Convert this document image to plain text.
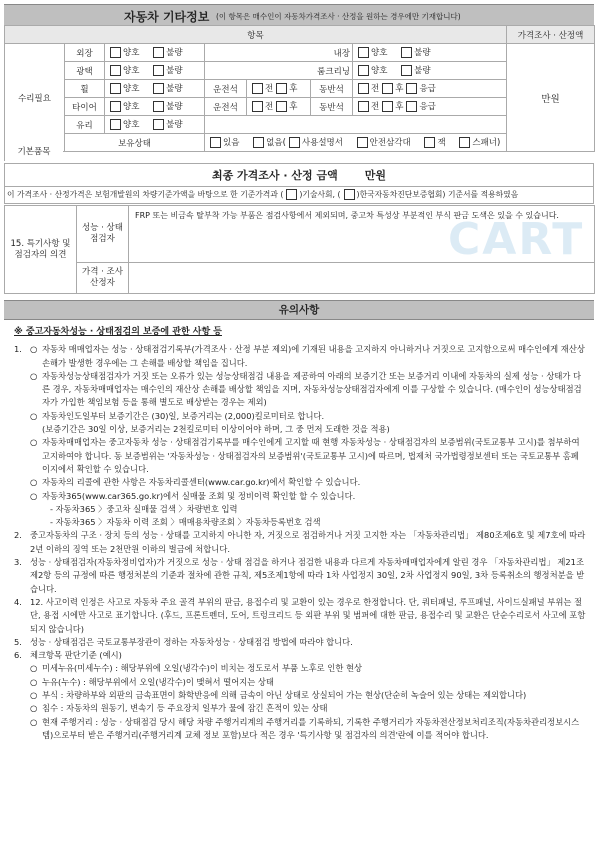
자동차 기타정보 (이 항목은 매수인이 자동차가격조사 · 산정을 원하는 경우에만 기재합니다)
항목							가격조사 · 산정액
수리필요	외장	양호 불량	내장			양호 불량	만원
	광택	양호 불량	룸크리닝			양호 불량	
	휠	양호 불량	운전석	전 후	동반석	전 후 응급	
	타이어	양호 불량	운전석	전 후	동반석	전 후 응급	
	유리	양호 불량					
	보유상태		있음 없음( 사용설명서 안전삼각대 잭 스패너)				

기본품목
최종 가격조사 · 산정 금액 만원
이 가격조사 · 산정가격은 보험개발원의 차량기준가액을 바탕으로 한 기준가격과 ( )기술사회, ( )한국자동차진단보증협회) 기준서를 적용하였음
15. 특기사항 및 점검자의 의견	성능 · 상태 점검자	FRP 또는 비금속 탈부착 가능 부품은 점검사항에서 제외되며, 중고차 특성상 부분적인 부식 판금 도색은 있을 수 있습니다.
	가격 · 조사 산정자	
CART
유의사항
※ 중고자동차성능 · 상태점검의 보증에 관한 사항 등
1. ○ 자동차 매매업자는 성능 · 상태점검기록부(가격조사 · 산정 부분 제외)에 기재된 내용을 고지하지 아니하거나 거짓으로 고지함으로써 매수인에게 재산상 손해가 발생한 경우에는 그 손해를 배상할 책임을 집니다.
○ 자동차성능상태점검자가 거짓 또는 오류가 있는 성능상태점검 내용을 제공하여 아래의 보증기간 또는 보증거리 이내에 자동차의 실제 성능 · 상태가 다른 경우, 자동차매매업자는 매수인의 재산상 손해를 배상할 책임을 지며, 자동차성능상태점검자에게 이를 구상할 수 있습니다. (매수인이 성능상태점검자가 가입한 책임보험 등을 통해 별도로 배상받는 경우는 제외)
○ 자동차인도일부터 보증기간은 (30)일, 보증거리는 (2,000)킬로미터로 합니다.
(보증기간은 30일 이상, 보증거리는 2천킬로미터 이상이어야 하며, 그 중 먼저 도래한 것을 적용)
○ 자동차매매업자는 중고자동차 성능 · 상태점검기록부를 매수인에게 고지할 때 현행 자동차성능 · 상태점검자의 보증범위(국토교통부 고시)를 첨부하여 고지하여야 합니다. 동 보증범위는 '자동차성능 · 상태점검자의 보증범위'(국토교통부 고시)에 따르며, 법제처 국가법령정보센터 또는 국토교통부 홈페이지에서 확인할 수 있습니다.
○ 자동차의 리콜에 관한 사항은 자동차리콜센터(www.car.go.kr)에서 확인할 수 있습니다.
○ 자동차365(www.car365.go.kr)에서 실매물 조회 및 정비이력 확인할 할 수 있습니다.
- 자동차365 〉중고차 실매물 검색 〉차량번호 입력
- 자동차365 〉자동차 이력 조회 〉매매용차량조회 〉자동차등록번호 검색
2. 중고자동차의 구조 · 장치 등의 성능 · 상태를 고지하지 아니한 자, 거짓으로 점검하거나 거짓 고지한 자는 「자동차관리법」 제80조제6호 및 제7호에 따라 2년 이하의 징역 또는 2천만원 이하의 벌금에 처합니다.
3. 성능 · 상태점검자(자동차정비업자)가 거짓으로 성능 · 상태 점검을 하거나 점검한 내용과 다르게 자동차매매업자에게 알린 경우 「자동차관리법」 제21조제2항 등의 규정에 따른 행정처분의 기준과 절차에 관한 규칙, 제5조제1항에 따라 1차 사업정지 30일, 2차 사업정지 90일, 3차 등록취소의 행정처분을 받습니다.
4. 12. 사고이력 인정은 사고로 자동차 주요 골격 부위의 판금, 용접수리 및 교환이 있는 경우로 한정합니다. 단, 쿼터패널, 루프패널, 사이드실패널 부위는 절단, 용접 시에만 사고로 표기합니다. (후드, 프론트펜더, 도어, 트렁크리드 등 외판 부위 및 범퍼에 대한 판금, 용접수리 및 교환은 단순수리로서 사고에 포함되지 않습니다)
5. 성능 · 상태점검은 국토교통부장관이 정하는 자동차성능 · 상태점검 방법에 따라야 합니다.
6. 체크항목 판단기준 (예시)
○ 미세누유(미세누수) : 해당부위에 오일(냉각수)이 비치는 정도로서 부품 노후로 인한 현상
○ 누유(누수) : 해당부위에서 오일(냉각수)이 맺혀서 떨어지는 상태
○ 부식 : 차량하부와 외판의 금속표면이 화학반응에 의해 금속이 아닌 상태로 상실되어 가는 현상(단순히 녹슬어 있는 상태는 제외합니다)
○ 침수 : 자동차의 원동기, 변속기 등 주요장치 일부가 물에 잠긴 흔적이 있는 상태
○ 현재 주행거리 : 성능 · 상태점검 당시 해당 차량 주행거리계의 주행거리를 기록하되, 기록한 주행거리가 자동차전산정보처리조직(자동차관리정보시스템)으로부터 받은 주행거리(주행거리계 교체 정보 포함)보다 적은 경우 '특기사항 및 점검자의 의견'란에 이를 적어야 합니다.
